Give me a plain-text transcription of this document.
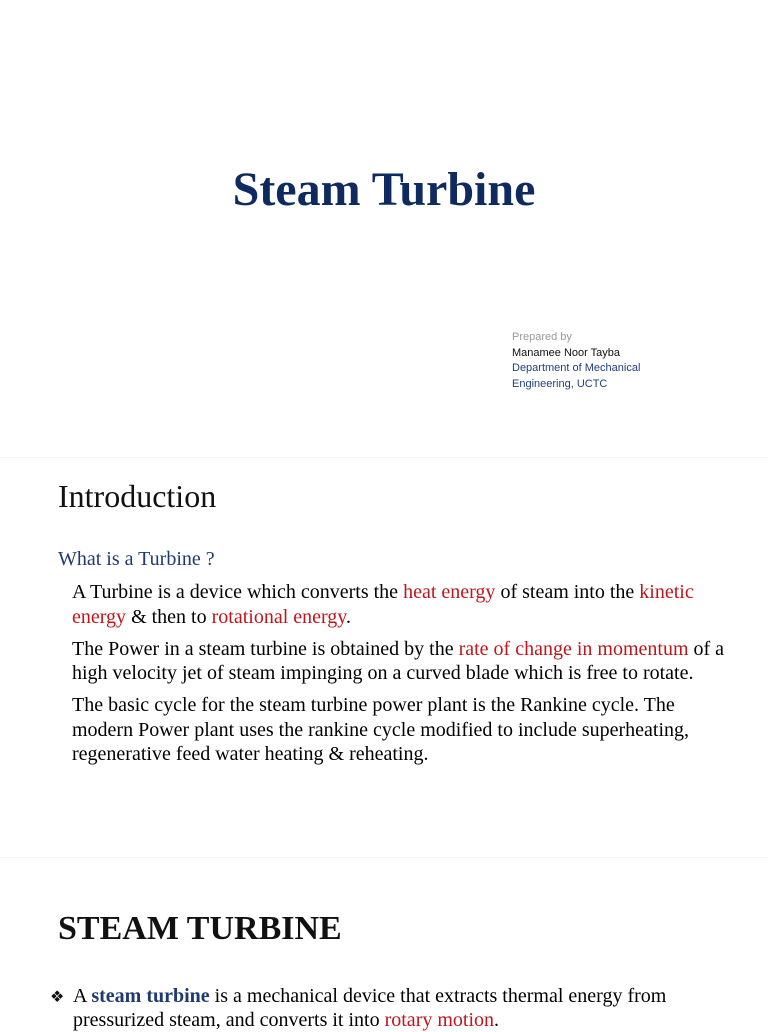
Steam Turbine
Prepared by
Manamee Noor Tayba
Department of Mechanical
Engineering, UCTC
Introduction
What is a Turbine ?
A Turbine is a device which converts the heat energy of steam into the kinetic energy & then to rotational energy.
The Power in a steam turbine is obtained by the rate of change in momentum of a high velocity jet of steam impinging on a curved blade which is free to rotate.
The basic cycle for the steam turbine power plant is the Rankine cycle. The modern Power plant uses the rankine cycle modified to include superheating, regenerative feed water heating & reheating.
STEAM TURBINE
❖ A steam turbine is a mechanical device that extracts thermal energy from pressurized steam, and converts it into rotary motion.
